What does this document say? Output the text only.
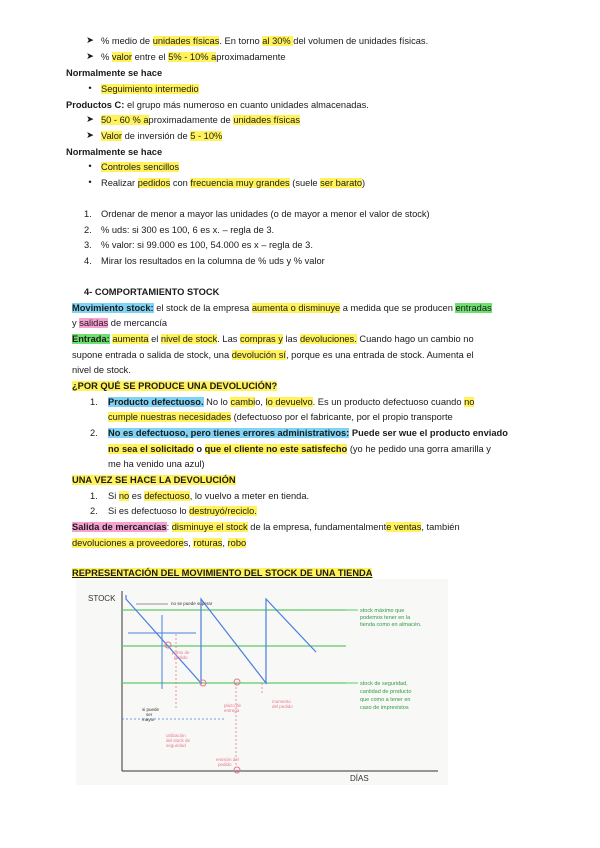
➤ % medio de unidades físicas. En torno al 30% del volumen de unidades físicas.
➤ % valor entre el 5% - 10% aproximadamente
Normalmente se hace
•	Seguimiento intermedio
Productos C: el grupo más numeroso en cuanto unidades almacenadas.
➤ 50 - 60 % aproximadamente de unidades físicas
➤ Valor de inversión de 5 - 10%
Normalmente se hace
•	Controles sencillos
•	Realizar pedidos con frecuencia muy grandes (suele ser barato)
1. Ordenar de menor a mayor las unidades (o de mayor a menor el valor de stock)
2. % uds: si 300 es 100, 6 es x. – regla de 3.
3. % valor: si 99.000 es 100, 54.000 es x – regla de 3.
4. Mirar los resultados en la columna de % uds y % valor
4- COMPORTAMIENTO STOCK
Movimiento stock: el stock de la empresa aumenta o disminuye a medida que se producen entradas
y salidas de mercancía
Entrada: aumenta el nivel de stock. Las compras y las devoluciones. Cuando hago un cambio no
supone entrada o salida de stock, una devolución sí, porque es una entrada de stock. Aumenta el
nivel de stock.
¿POR QUÉ SE PRODUCE UNA DEVOLUCIÓN?
1. Producto defectuoso. No lo cambio, lo devuelvo. Es un producto defectuoso cuando no
cumple nuestras necesidades (defectuoso por el fabricante, por el propio transporte
2. No es defectuoso, pero tienes errores administrativos: Puede ser wue el producto enviado
no sea el solicitado o que el cliente no este satisfecho (yo he pedido una gorra amarilla y
me ha venido una azul)
UNA VEZ SE HACE LA DEVOLUCIÓN
1. Si no es defectuoso, lo vuelvo a meter en tienda.
2. Si es defectuoso lo destruyó/reciclo.
Salida de mercancías: disminuye el stock de la empresa, fundamentalmente ventas, también
devoluciones a proveedores, roturas, robo
REPRESENTACIÓN DEL MOVIMIENTO DEL STOCK DE UNA TIENDA
STOCK
DÍAS
no se puede superar
si puede
ser
mayor
punto de
pedido
utilización
del stock de
seguridad
plazo de
entrega
momento
del pedido
emisión del
pedido
stock máximo que
podemos tener en la
tienda como en almacén.
stock de seguridad,
cantidad de producto
que como a tener en
caso de imprevistos
